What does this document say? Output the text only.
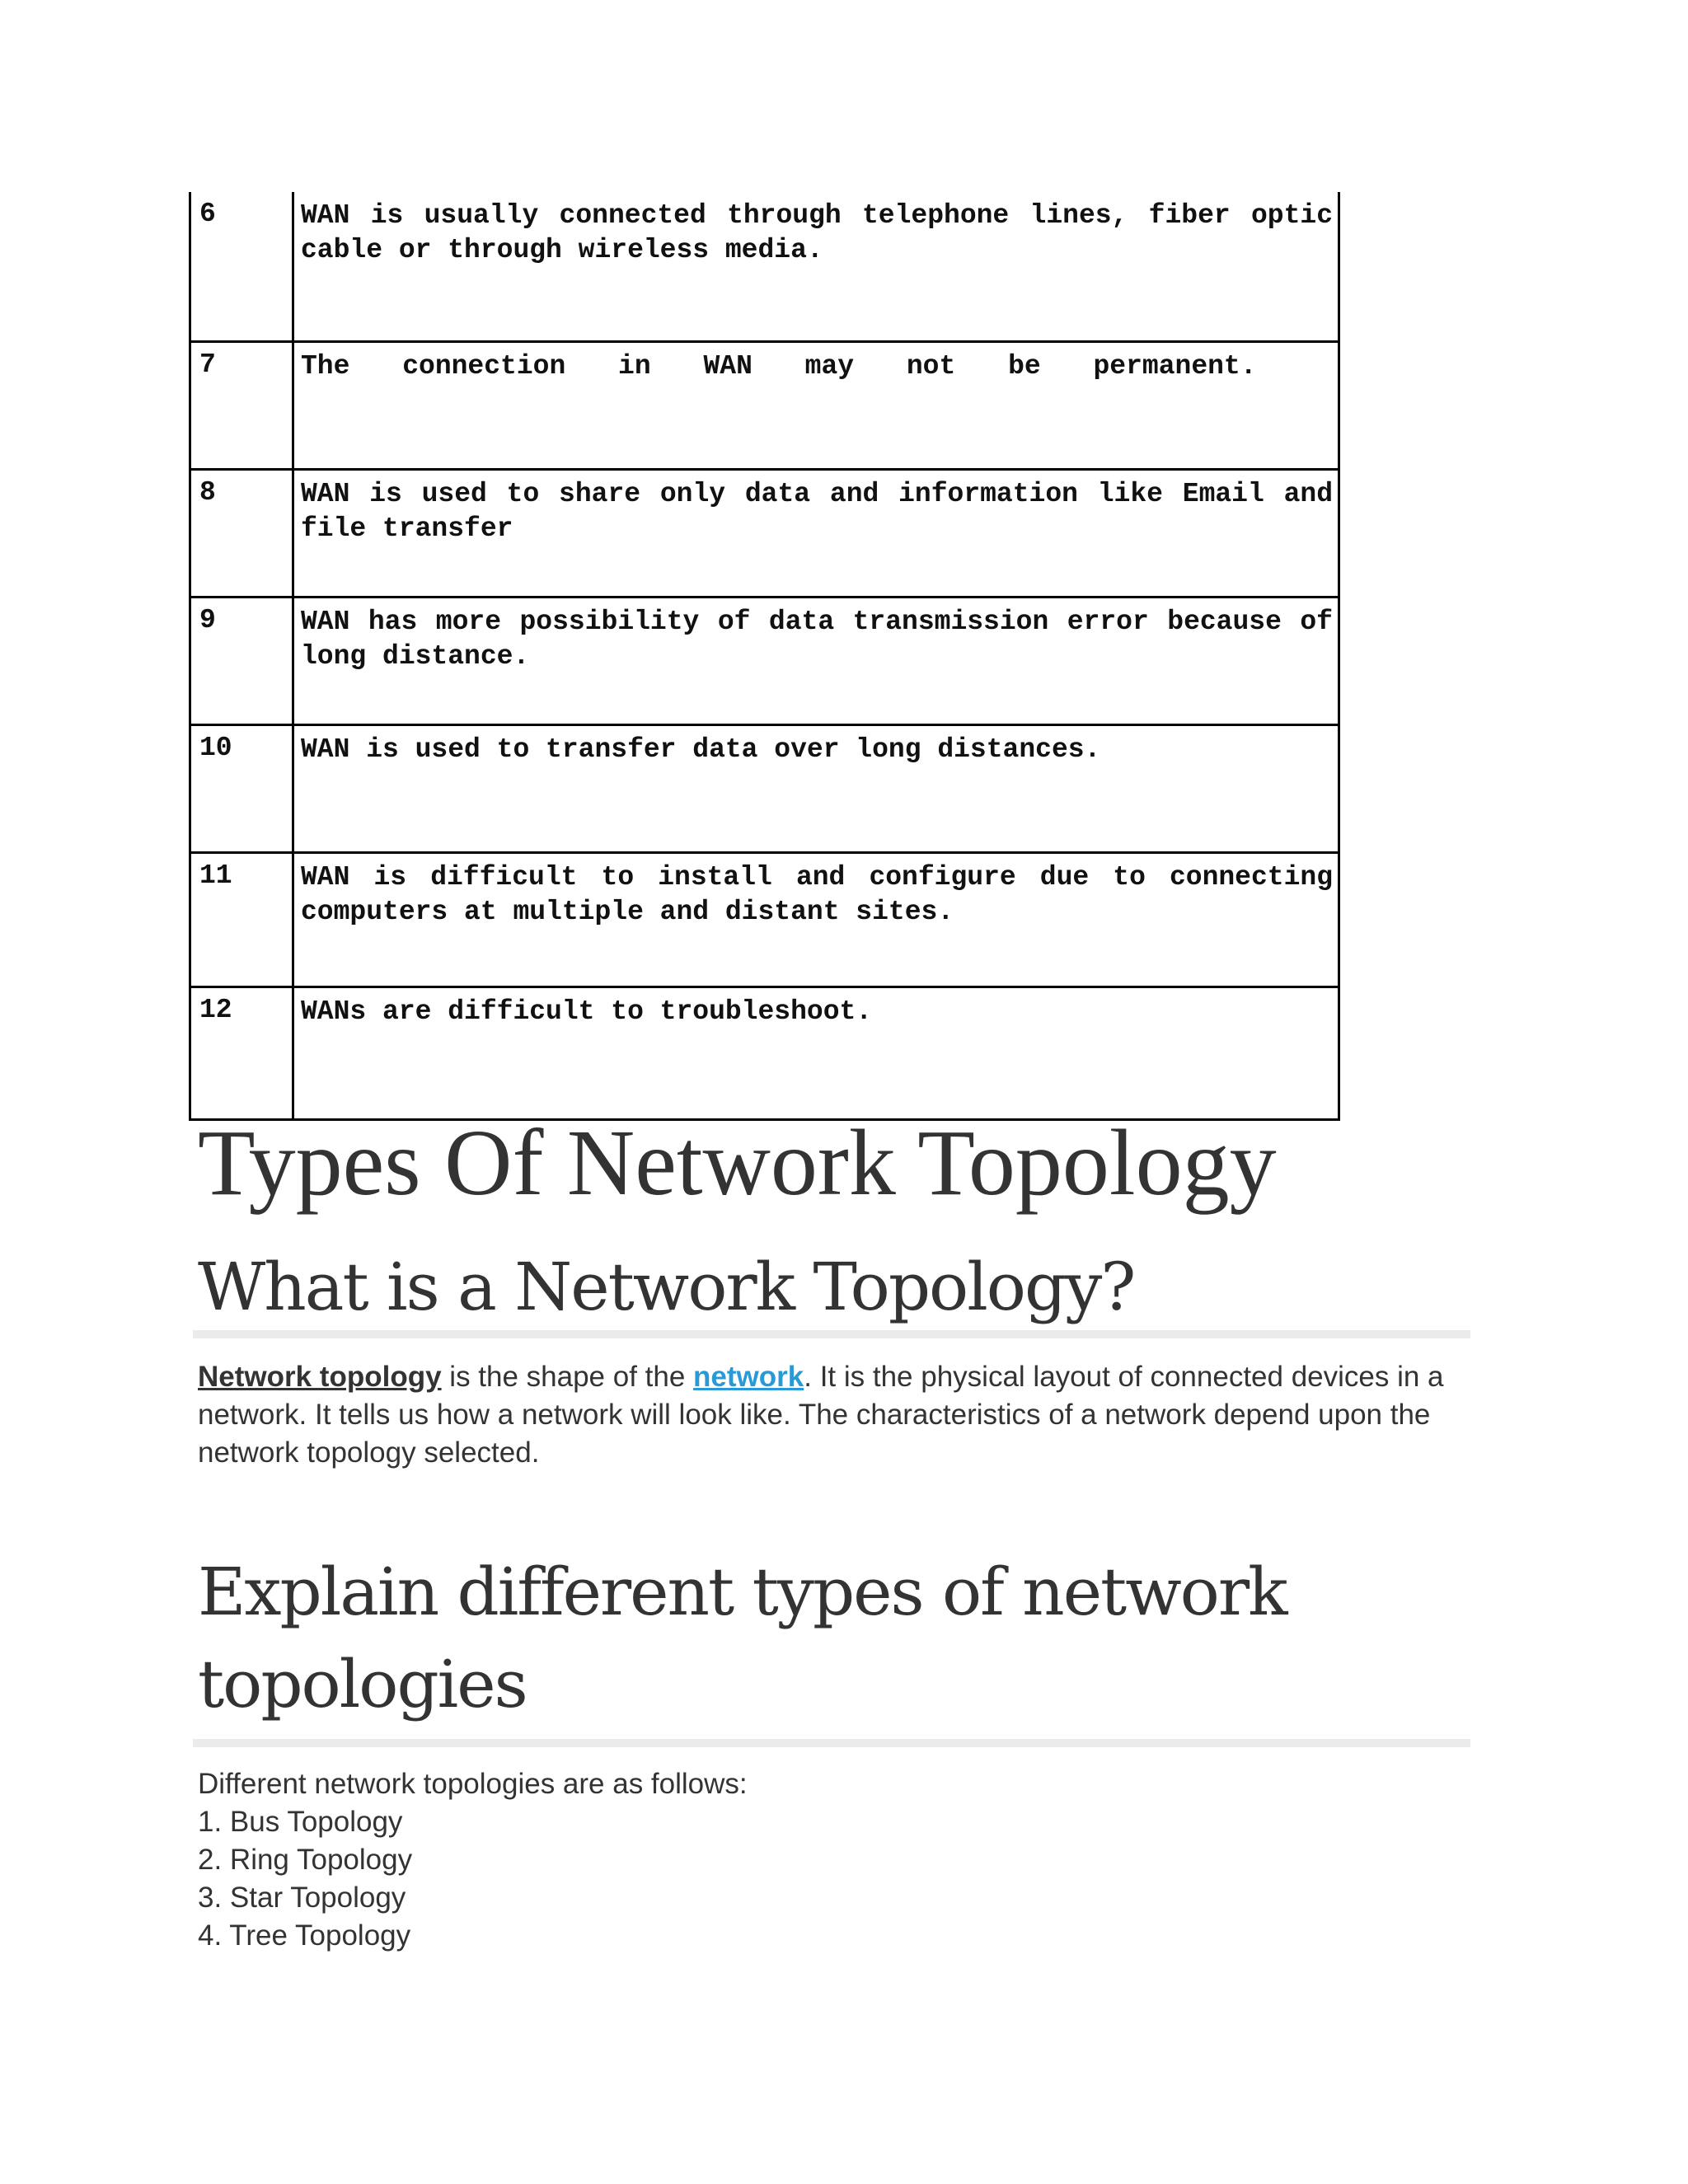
6	WAN is usually connected through telephone lines, fiber optic cable or through wireless media.
7	The connection in WAN may not be permanent.
8	WAN is used to share only data and information like Email and file transfer
9	WAN has more possibility of data transmission error because of long distance.
10	WAN is used to transfer data over long distances.
11	WAN is difficult to install and configure due to connecting computers at multiple and distant sites.
12	WANs are difficult to troubleshoot.
Types Of Network Topology
What is a Network Topology?

Network topology is the shape of the network. It is the physical layout of connected devices in a network. It tells us how a network will look like. The characteristics of a network depend upon the network topology selected.

Explain different types of network topologies

Different network topologies are as follows:

1. Bus Topology
2. Ring Topology
3. Star Topology
4. Tree Topology
